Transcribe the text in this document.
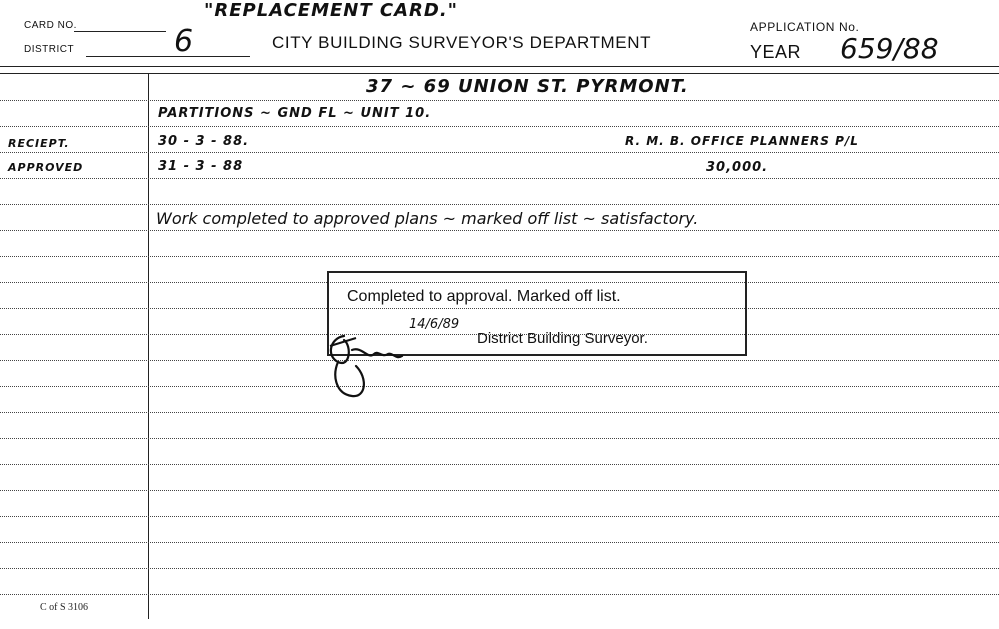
CARD NO.
DISTRICT	6
"REPLACEMENT CARD."
CITY BUILDING SURVEYOR'S DEPARTMENT
APPLICATION No.
YEAR 659/88
37 ~ 69 UNION ST. PYRMONT.
PARTITIONS ~ GND FL ~ UNIT 10.
RECIEPT.	30 - 3 - 88.	R. M. B. OFFICE PLANNERS P/L
APPROVED	31 - 3 - 88	30,000.
Work completed to approved plans ~ marked off list ~ satisfactory.
Completed to approval. Marked off list.
14/6/89
District Building Surveyor.
C of S 3106
